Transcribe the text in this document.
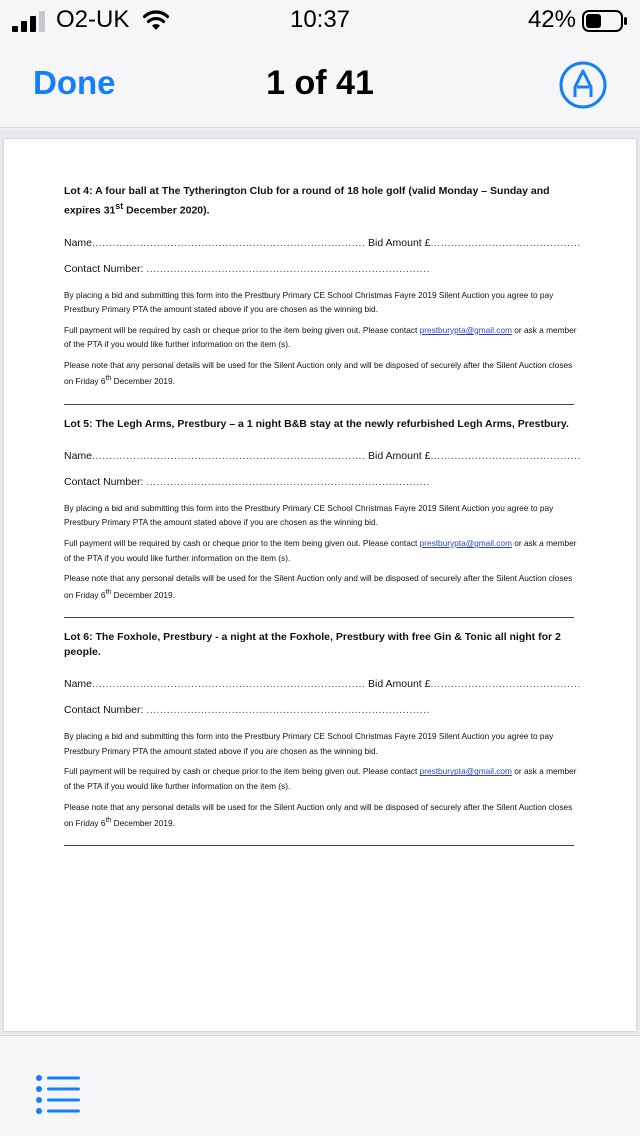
O2-UK	10:37	42%
Done	1 of 41
Lot 4: A four ball at The Tytherington Club for a round of 18 hole golf (valid Monday – Sunday and expires 31st December 2020).
Name .....	Bid Amount £
.....
Contact Number:
.....

By placing a bid and submitting this form into the Prestbury Primary CE School Christmas Fayre 2019 Silent Auction you agree to pay Prestbury Primary PTA the amount stated above if you are chosen as the winning bid.

Full payment will be required by cash or cheque prior to the item being given out. Please contact prestburypta@gmail.com or ask a member of the PTA if you would like further information on the item (s).

Please note that any personal details will be used for the Silent Auction only and will be disposed of securely after the Silent Auction closes on Friday 6th December 2019.

Lot 5: The Legh Arms, Prestbury – a 1 night B&B stay at the newly refurbished Legh Arms, Prestbury.
Name .....	Bid Amount £
.....
Contact Number:
.....

By placing a bid and submitting this form into the Prestbury Primary CE School Christmas Fayre 2019 Silent Auction you agree to pay Prestbury Primary PTA the amount stated above if you are chosen as the winning bid.

Full payment will be required by cash or cheque prior to the item being given out. Please contact prestburypta@gmail.com or ask a member of the PTA if you would like further information on the item (s).

Please note that any personal details will be used for the Silent Auction only and will be disposed of securely after the Silent Auction closes on Friday 6th December 2019.

Lot 6: The Foxhole, Prestbury - a night at the Foxhole, Prestbury with free Gin & Tonic all night for 2 people.
Name .....	Bid Amount £
.....
Contact Number:
.....

By placing a bid and submitting this form into the Prestbury Primary CE School Christmas Fayre 2019 Silent Auction you agree to pay Prestbury Primary PTA the amount stated above if you are chosen as the winning bid.

Full payment will be required by cash or cheque prior to the item being given out. Please contact prestburypta@gmail.com or ask a member of the PTA if you would like further information on the item (s).

Please note that any personal details will be used for the Silent Auction only and will be disposed of securely after the Silent Auction closes on Friday 6th December 2019.
